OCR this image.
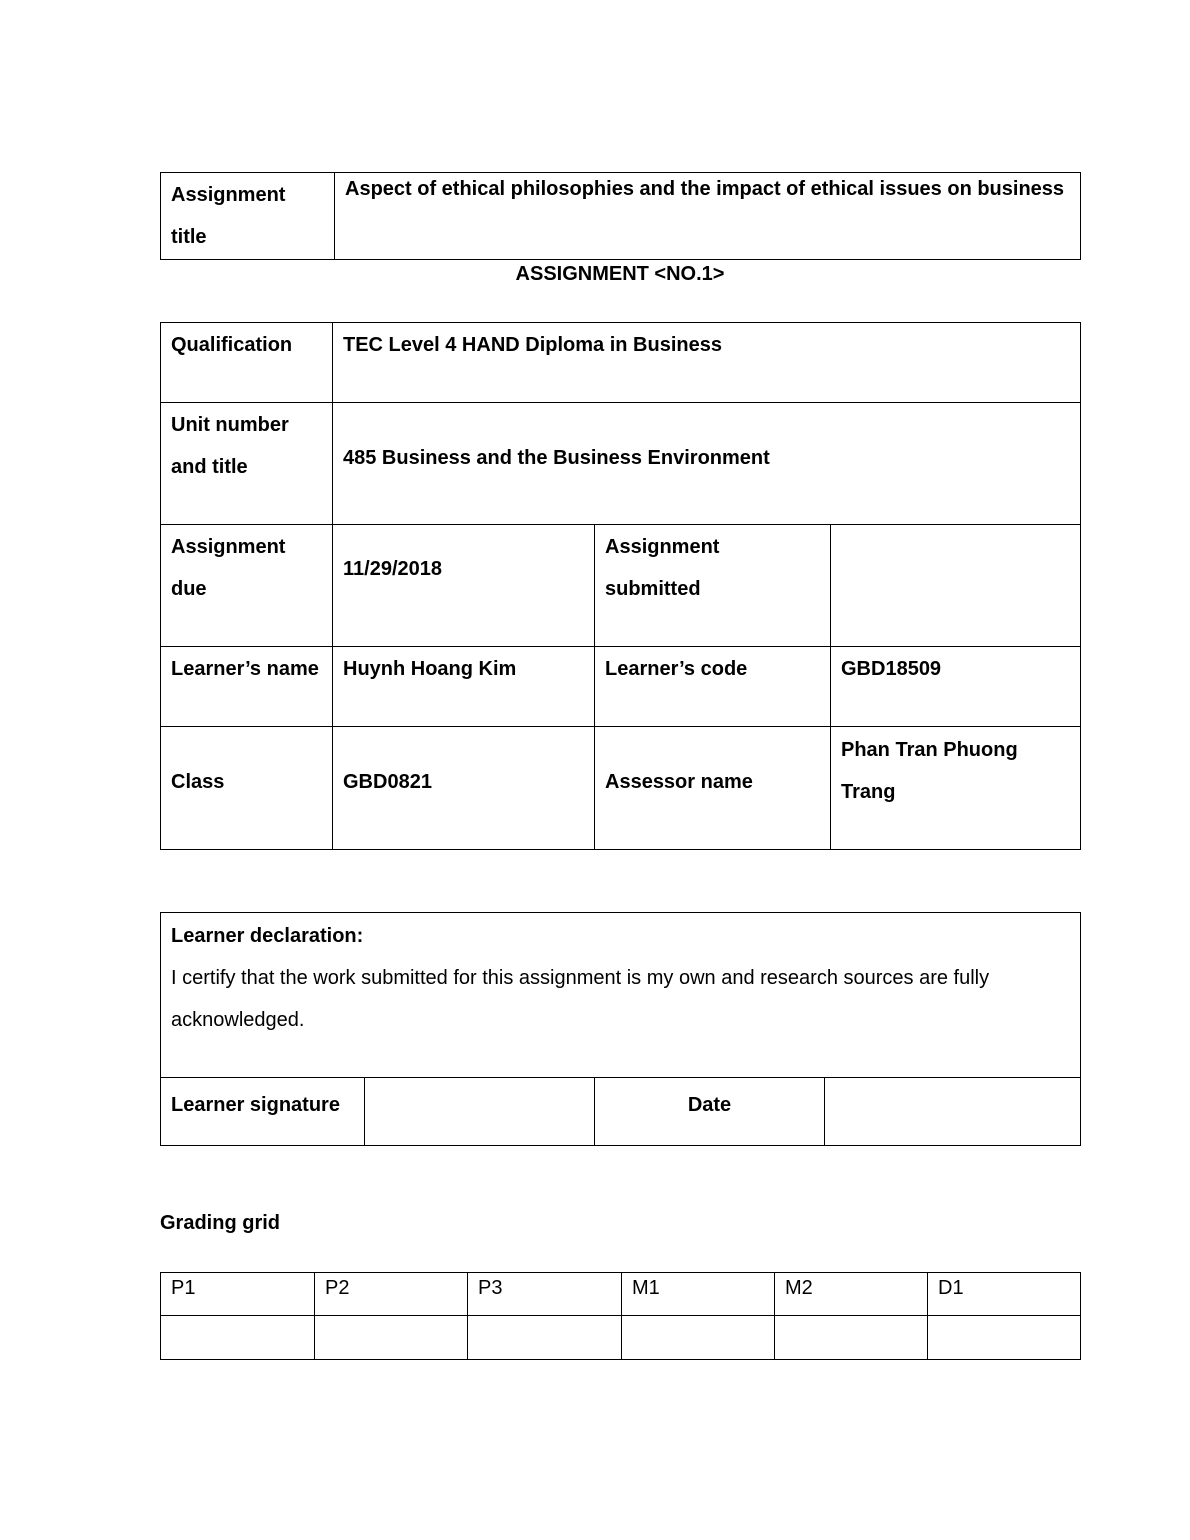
Assignment title	Aspect of ethical philosophies and the impact of ethical issues on business
ASSIGNMENT <NO.1>
Qualification	TEC Level 4 HAND Diploma in Business		
Unit number and title	485 Business and the Business Environment		
Assignment due	11/29/2018	Assignment submitted	
Learner’s name	Huynh Hoang Kim	Learner’s code	GBD18509
Class	GBD0821	Assessor name	Phan Tran Phuong Trang
Learner declaration:
I certify that the work submitted for this assignment is my own and research sources are fully acknowledged.

Learner signature		Date	
Grading grid
P1	P2	P3	M1	M2	D1
